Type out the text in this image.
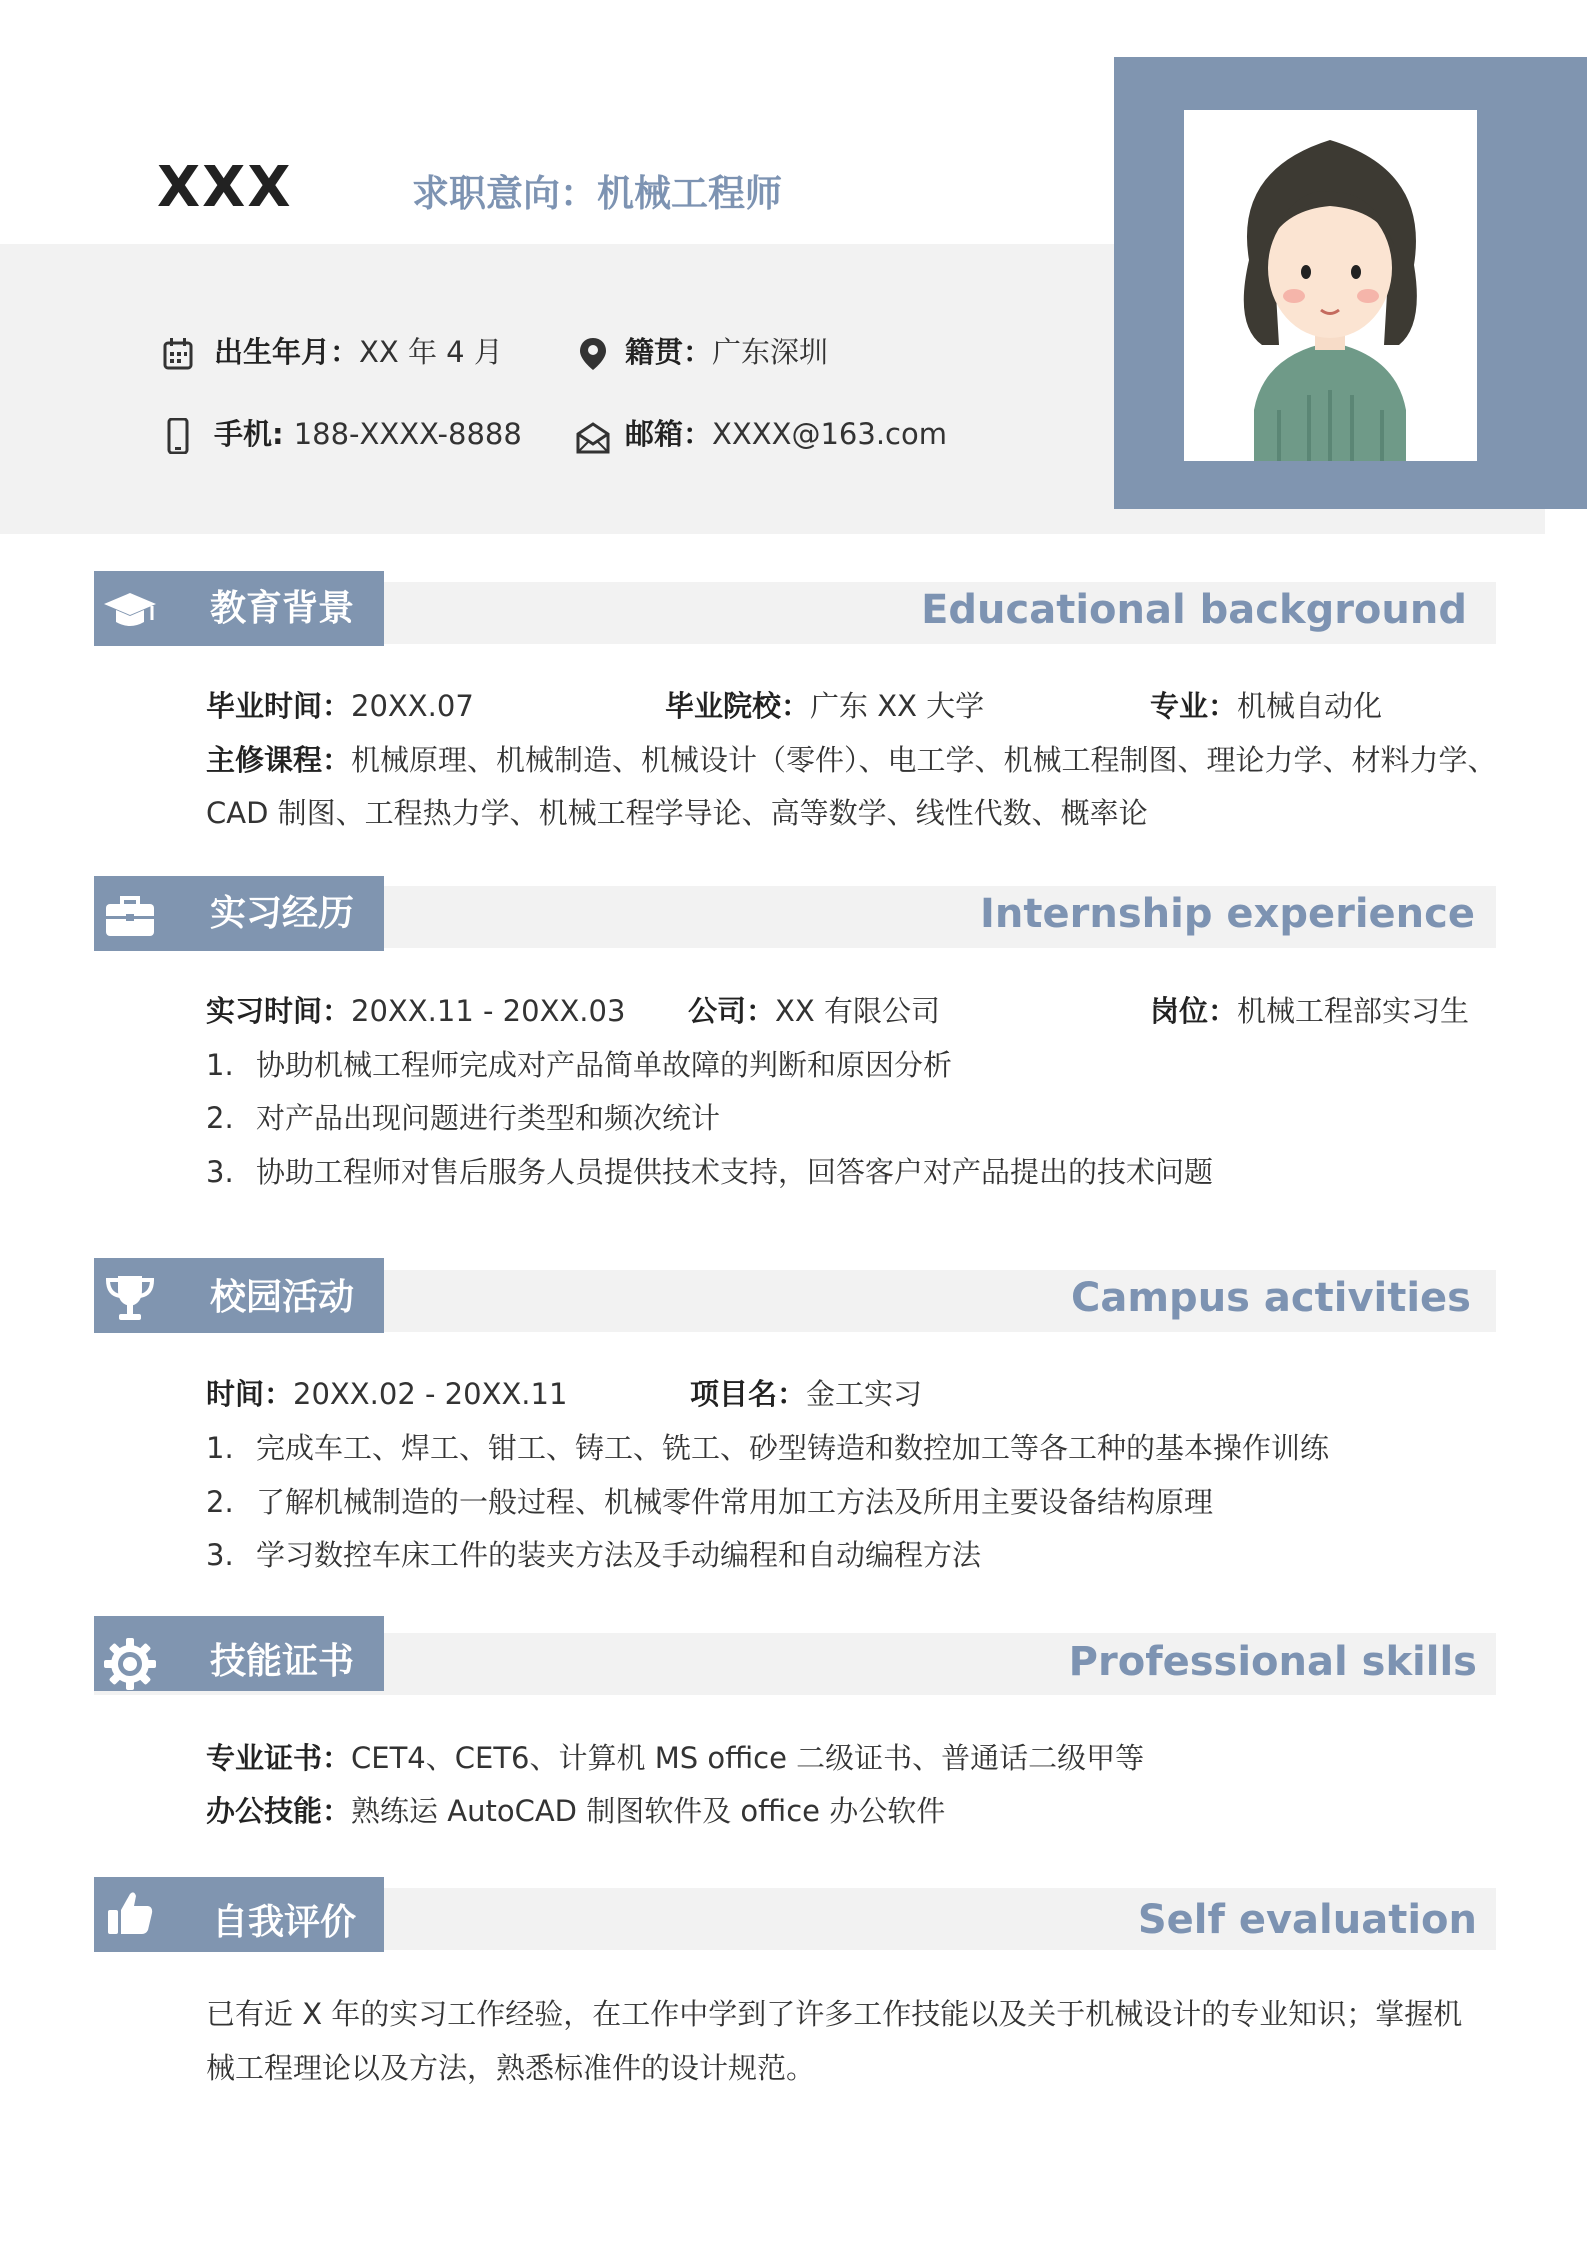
XXX	求职意向：机械工程师
出生年月：XX 年 4 月	籍贯：广东深圳
手机: 188-XXXX-8888	邮箱：XXXX@163.com
教育背景	Educational background
毕业时间：20XX.07	毕业院校：广东 XX 大学	专业：机械自动化
主修课程：机械原理、机械制造、机械设计（零件）、电工学、机械工程制图、理论力学、材料力学、
CAD 制图、工程热力学、机械工程学导论、高等数学、线性代数、概率论
实习经历	Internship experience
实习时间：20XX.11 - 20XX.03 公司：XX 有限公司	岗位：机械工程部实习生
1. 协助机械工程师完成对产品简单故障的判断和原因分析
2. 对产品出现问题进行类型和频次统计
3. 协助工程师对售后服务人员提供技术支持，回答客户对产品提出的技术问题
校园活动	Campus activities
时间：20XX.02 - 20XX.11	项目名：金工实习
1. 完成车工、焊工、钳工、铸工、铣工、砂型铸造和数控加工等各工种的基本操作训练
2. 了解机械制造的一般过程、机械零件常用加工方法及所用主要设备结构原理
3. 学习数控车床工件的装夹方法及手动编程和自动编程方法
技能证书	Professional skills
专业证书：CET4、CET6、计算机 MS office 二级证书、普通话二级甲等
办公技能：熟练运 AutoCAD 制图软件及 office 办公软件
自我评价	Self evaluation
已有近 X 年的实习工作经验，在工作中学到了许多工作技能以及关于机械设计的专业知识；掌握机械工程理论以及方法，熟悉标准件的设计规范。
